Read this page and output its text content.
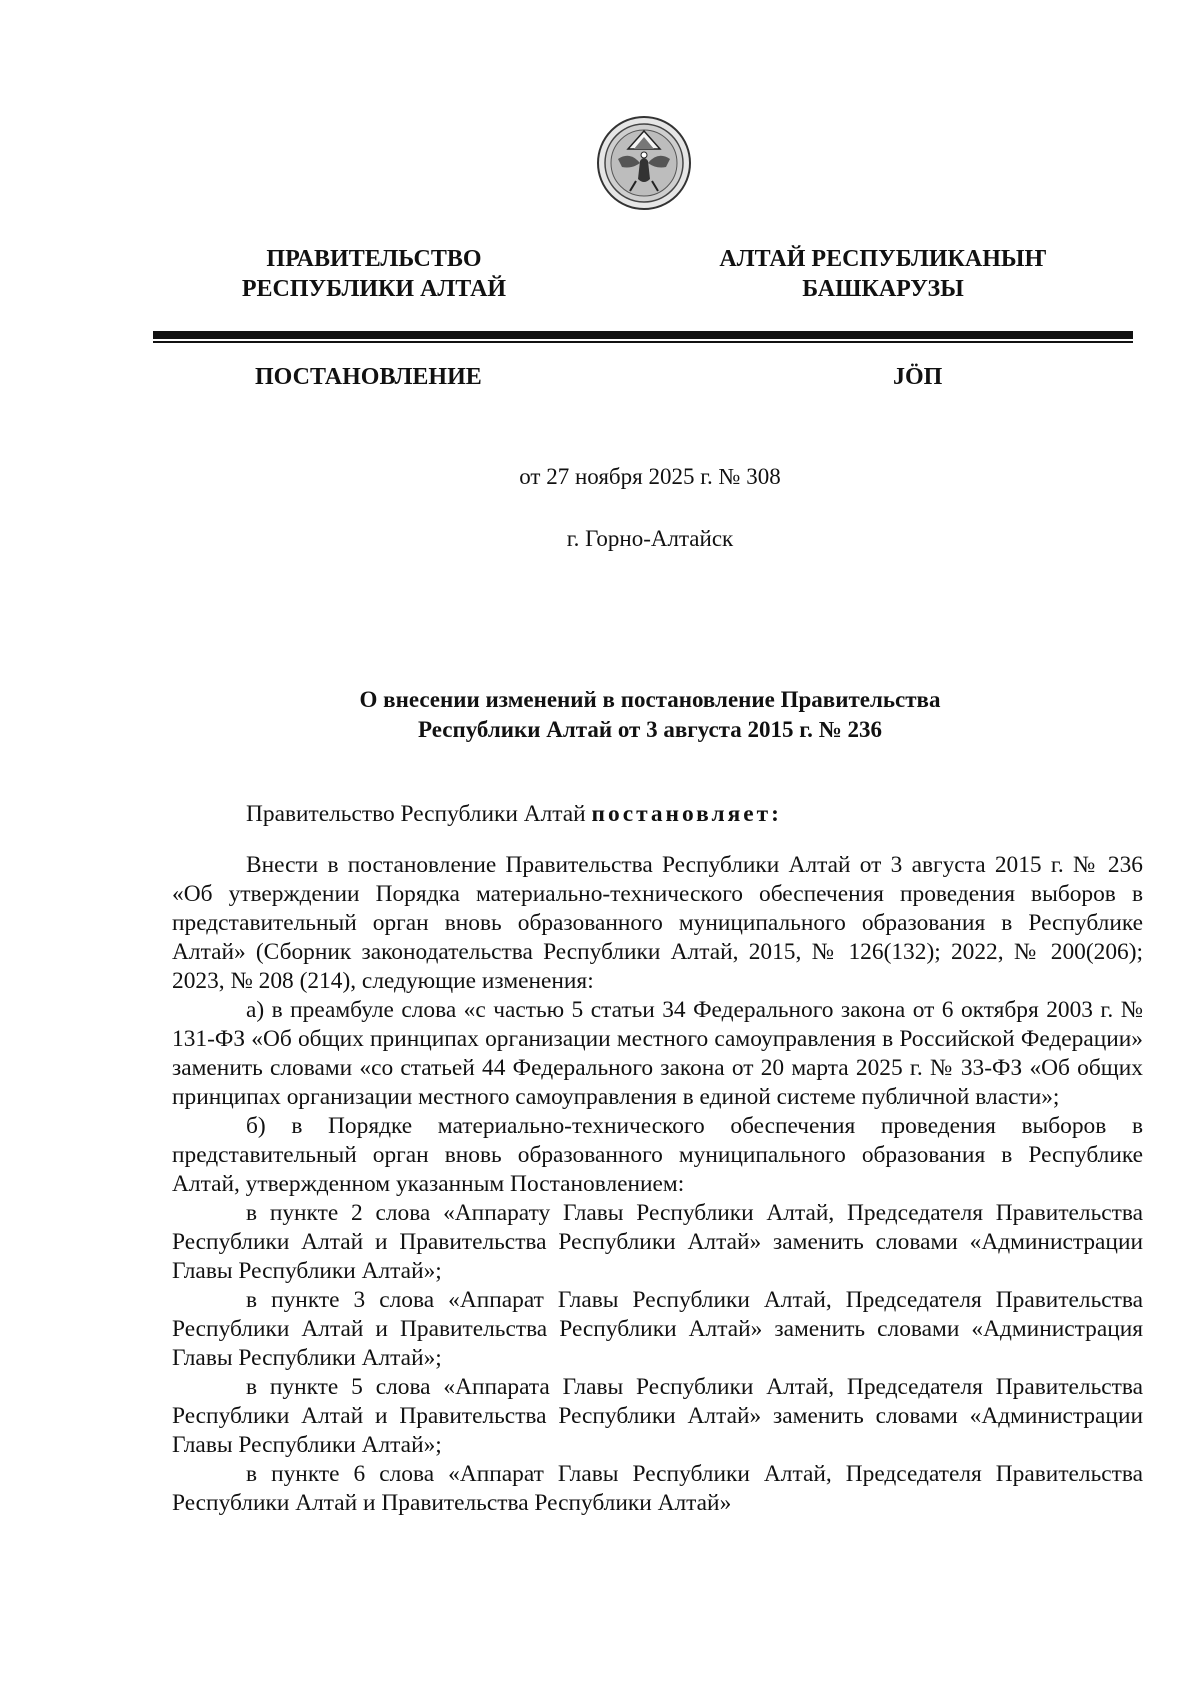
ПРАВИТЕЛЬСТВО
РЕСПУБЛИКИ АЛТАЙ
АЛТАЙ РЕСПУБЛИКАНЫҤ
БАШКАРУЗЫ
ПОСТАНОВЛЕНИЕ	ЈӦП
от 27 ноября 2025 г. № 308
г. Горно-Алтайск
О внесении изменений в постановление Правительства
Республики Алтай от 3 августа 2015 г. № 236

Правительство Республики Алтай постановляет:

Внести в постановление Правительства Республики Алтай от 3 августа 2015 г. № 236 «Об утверждении Порядка материально-технического обеспечения проведения выборов в представительный орган вновь образованного муниципального образования в Республике Алтай» (Сборник законодательства Республики Алтай, 2015, № 126(132); 2022, № 200(206); 2023, № 208 (214), следующие изменения:

а) в преамбуле слова «с частью 5 статьи 34 Федерального закона от 6 октября 2003 г. № 131-ФЗ «Об общих принципах организации местного самоуправления в Российской Федерации» заменить словами «со статьей 44 Федерального закона от 20 марта 2025 г. № 33-ФЗ «Об общих принципах организации местного самоуправления в единой системе публичной власти»;

б) в Порядке материально-технического обеспечения проведения выборов в представительный орган вновь образованного муниципального образования в Республике Алтай, утвержденном указанным Постановлением:

в пункте 2 слова «Аппарату Главы Республики Алтай, Председателя Правительства Республики Алтай и Правительства Республики Алтай» заменить словами «Администрации Главы Республики Алтай»;

в пункте 3 слова «Аппарат Главы Республики Алтай, Председателя Правительства Республики Алтай и Правительства Республики Алтай» заменить словами «Администрация Главы Республики Алтай»;

в пункте 5 слова «Аппарата Главы Республики Алтай, Председателя Правительства Республики Алтай и Правительства Республики Алтай» заменить словами «Администрации Главы Республики Алтай»;

в пункте 6 слова «Аппарат Главы Республики Алтай, Председателя Правительства Республики Алтай и Правительства Республики Алтай»
